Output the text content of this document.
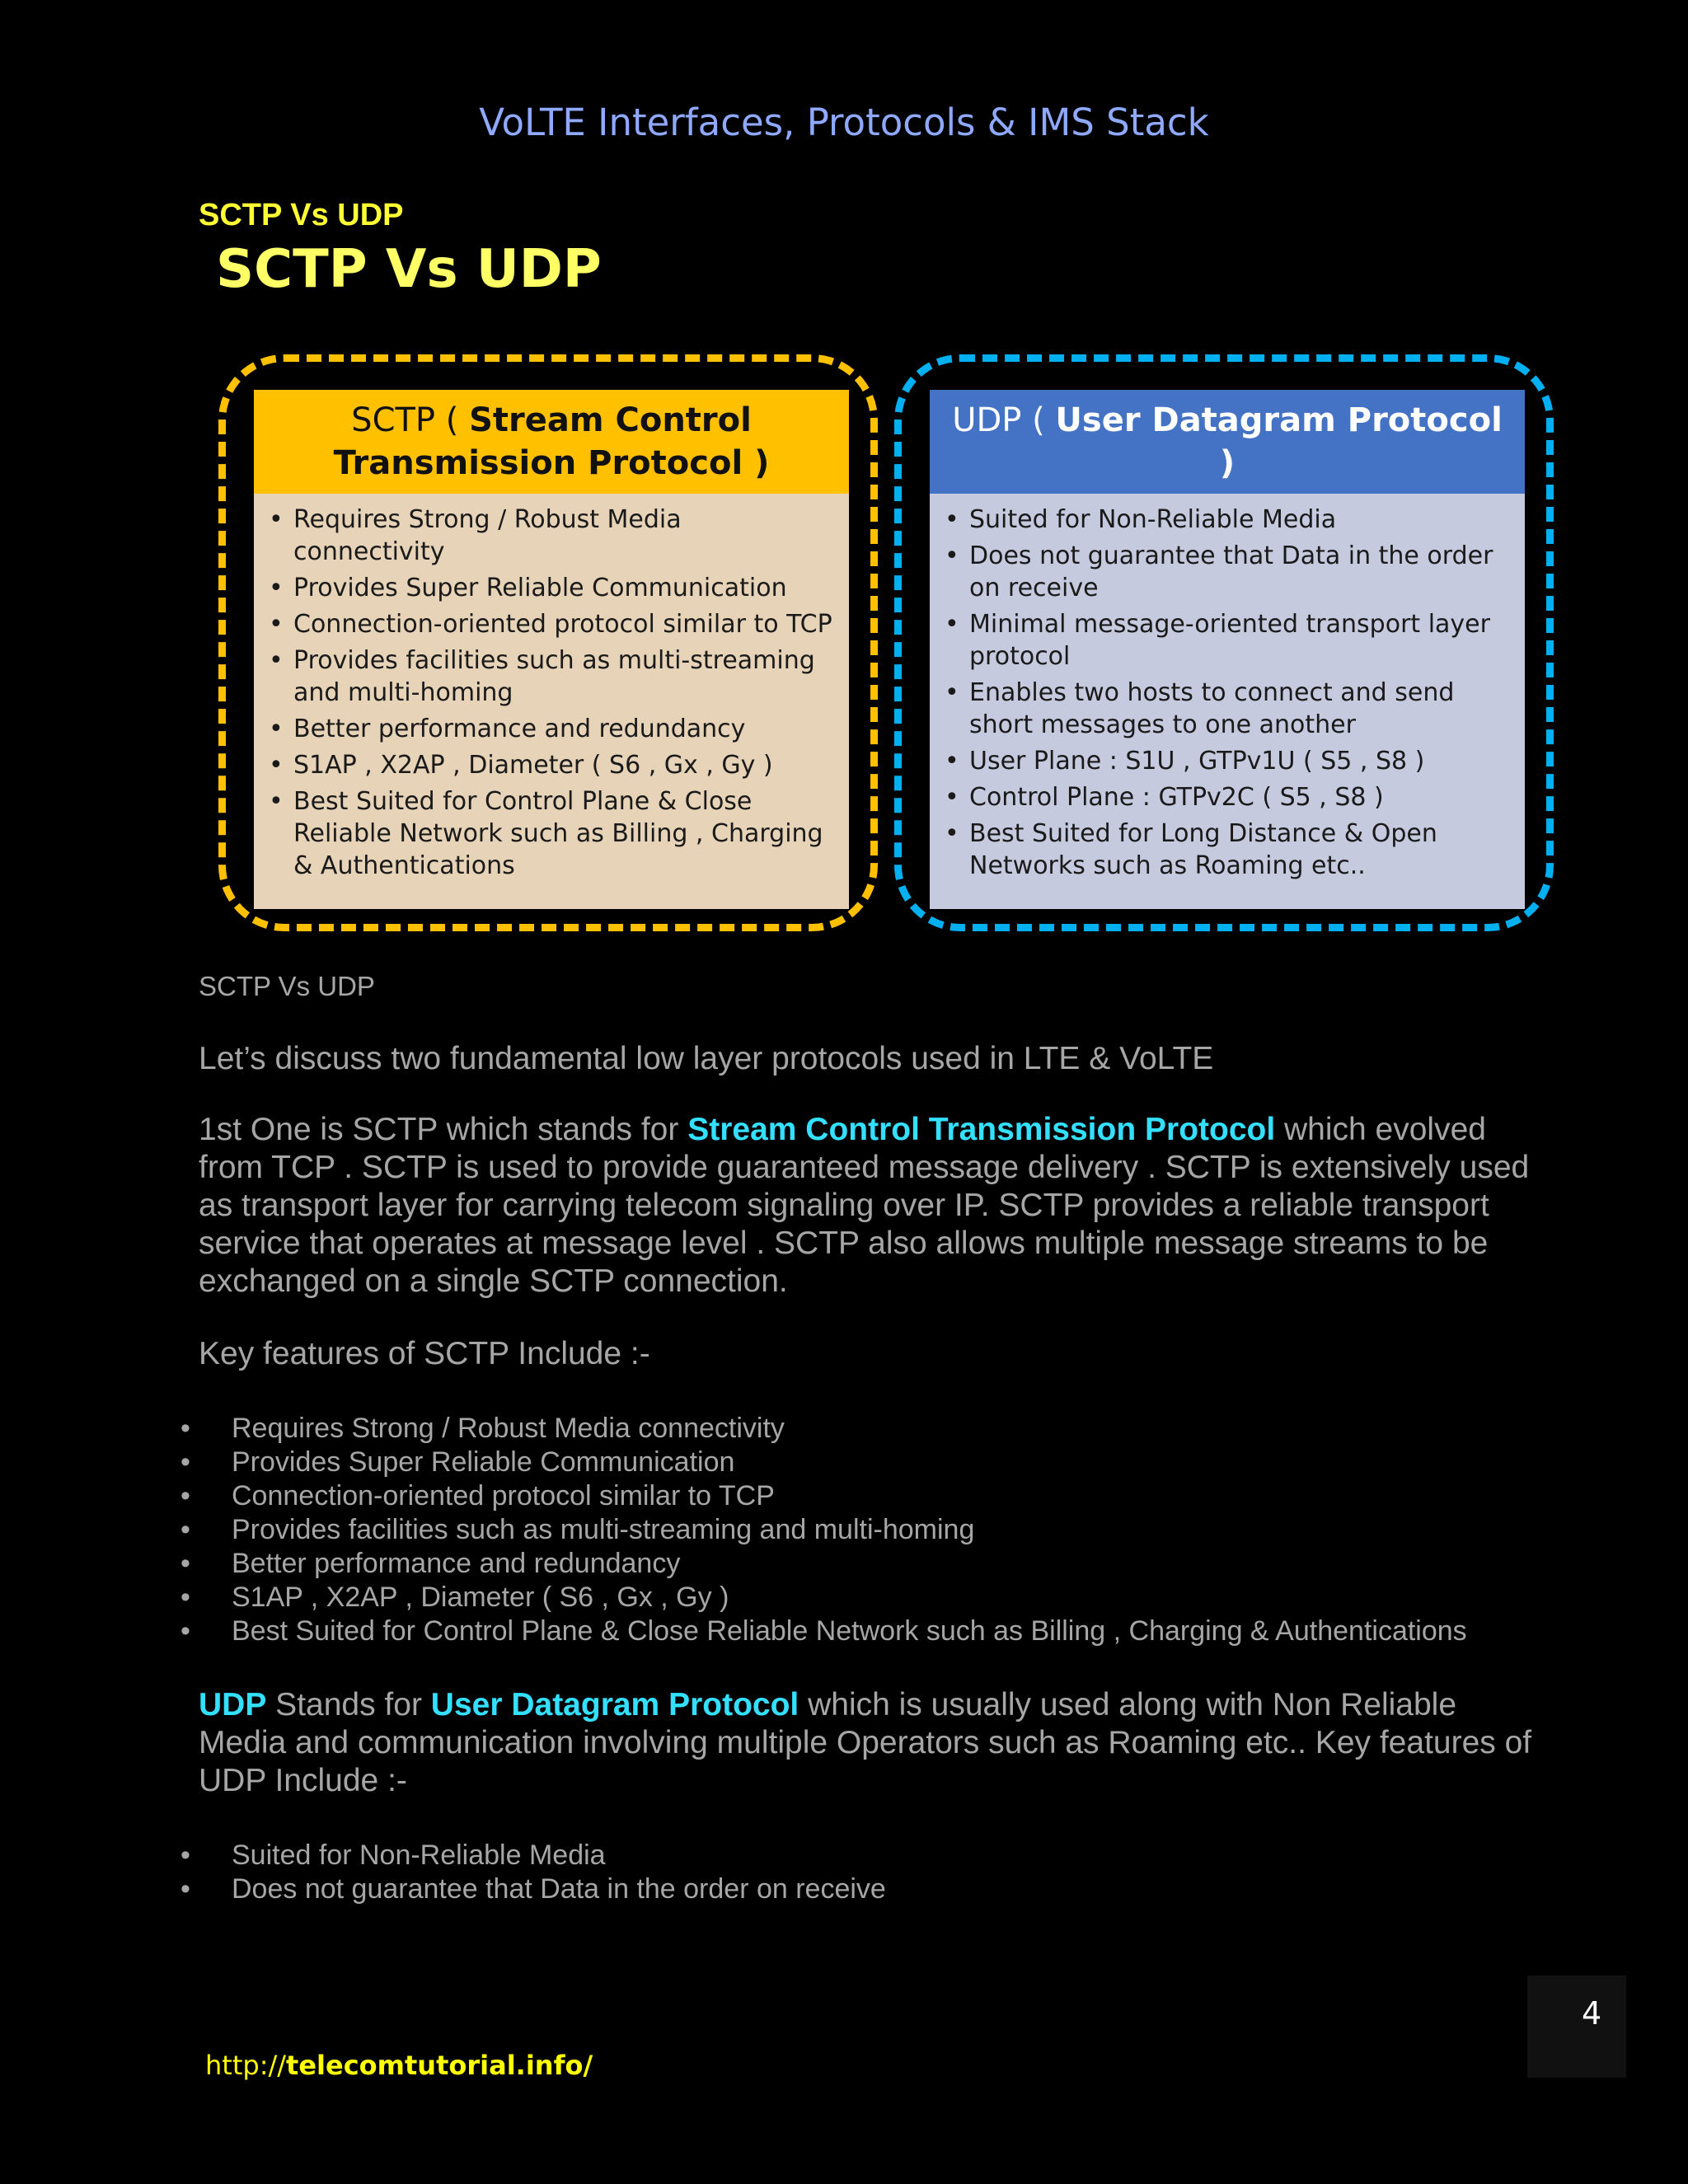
VoLTE Interfaces, Protocols & IMS Stack
SCTP Vs UDP
SCTP Vs UDP
SCTP ( Stream Control Transmission Protocol )
• Requires Strong / Robust Media connectivity
• Provides Super Reliable Communication
• Connection-oriented protocol similar to TCP
• Provides facilities such as multi-streaming and multi-homing
• Better performance and redundancy
• S1AP , X2AP , Diameter ( S6 , Gx , Gy )
• Best Suited for Control Plane & Close Reliable Network such as Billing , Charging & Authentications
UDP ( User Datagram Protocol )
• Suited for Non-Reliable Media
• Does not guarantee that Data in the order on receive
• Minimal message-oriented transport layer protocol
• Enables two hosts to connect and send short messages to one another
• User Plane : S1U , GTPv1U ( S5 , S8 )
• Control Plane : GTPv2C ( S5 , S8 )
• Best Suited for Long Distance & Open Networks such as Roaming etc..
SCTP Vs UDP

Let’s discuss two fundamental low layer protocols used in LTE & VoLTE

1st One is SCTP which stands for Stream Control Transmission Protocol which evolved from TCP . SCTP is used to provide guaranteed message delivery . SCTP is extensively used as transport layer for carrying telecom signaling over IP. SCTP provides a reliable transport service that operates at message level . SCTP also allows multiple message streams to be exchanged on a single SCTP connection.

Key features of SCTP Include :-

• Requires Strong / Robust Media connectivity
• Provides Super Reliable Communication
• Connection-oriented protocol similar to TCP
• Provides facilities such as multi-streaming and multi-homing
• Better performance and redundancy
• S1AP , X2AP , Diameter ( S6 , Gx , Gy )
• Best Suited for Control Plane & Close Reliable Network such as Billing , Charging & Authentications

UDP Stands for User Datagram Protocol which is usually used along with Non Reliable Media and communication involving multiple Operators such as Roaming etc.. Key features of UDP Include :-

• Suited for Non-Reliable Media
• Does not guarantee that Data in the order on receive
4
http://telecomtutorial.info/
